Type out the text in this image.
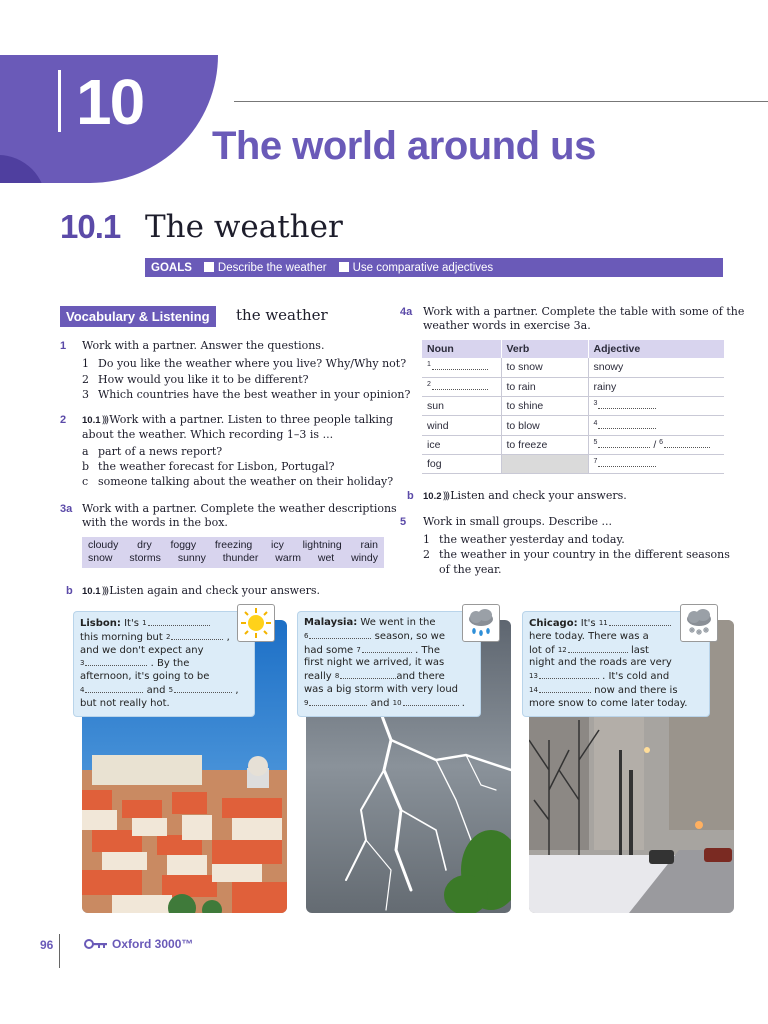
10
The world around us
10.1 The weather
GOALS	Describe the weather	Use comparative adjectives
Vocabulary & Listening	the weather
1 Work with a partner. Answer the questions.
1 Do you like the weather where you live? Why/Why not?
2 How would you like it to be different?
3 Which countries have the best weather in your opinion?
2 10.1))) Work with a partner. Listen to three people talking
about the weather. Which recording 1–3 is ...
a part of a news report?
b the weather forecast for Lisbon, Portugal?
c someone talking about the weather on their holiday?
3a Work with a partner. Complete the weather descriptions
with the words in the box.
cloudy dry foggy freezing icy lightning rain
snow storms sunny thunder warm wet windy
b 10.1))) Listen again and check your answers.
4a Work with a partner. Complete the table with some of the
weather words in exercise 3a.
Noun	Verb	Adjective
$^1$	to snow	snowy
$^2$	to rain	rainy
sun	to shine	$^3$
wind	to blow	$^4$
ice	to freeze	$^5$ / $^6$
fog		$^7$
b 10.2))) Listen and check your answers.
5 Work in small groups. Describe ...
1 the weather yesterday and today.
2 the weather in your country in the different seasons
of the year.
Lisbon: It's $^1$
this morning but $^2$	,
and we don't expect any
$^3$	. By the
afternoon, it's going to be
$^4$	and $^5$	,
but not really hot.
Malaysia: We went in the
$^6$	season, so we
had some $^7$	. The
first night we arrived, it was
really $^8$	and there
was a big storm with very loud
$^9$	and $^{10}$	.
Chicago: It's $^{11}$
here today. There was a
lot of $^{12}$	last
night and the roads are very
$^{13}$	. It's cold and
$^{14}$	now and there is
more snow to come later today.
96	Oxford 3000™
